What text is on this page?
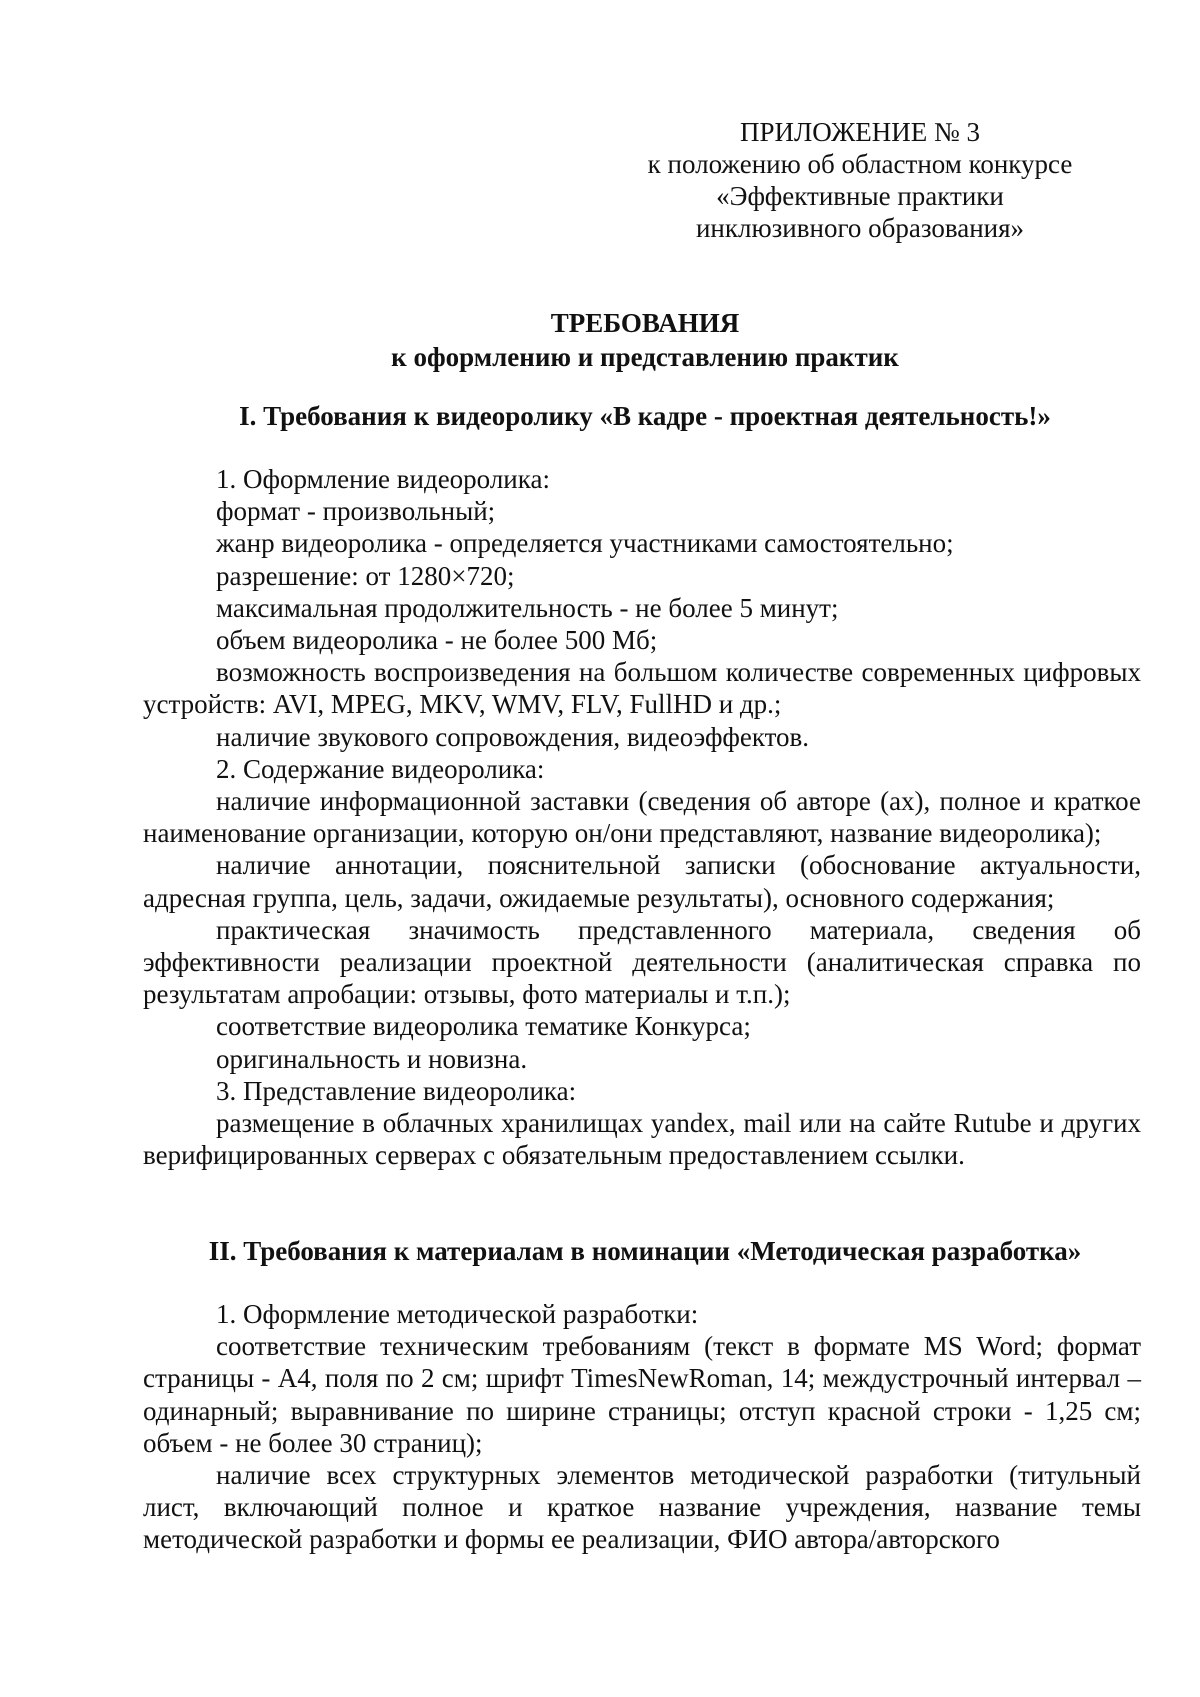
ПРИЛОЖЕНИЕ № 3
к положению об областном конкурсе
«Эффективные практики
инклюзивного образования»
ТРЕБОВАНИЯ
к оформлению и представлению практик
I. Требования к видеоролику «В кадре - проектная деятельность!»

1. Оформление видеоролика:

формат - произвольный;

жанр видеоролика - определяется участниками самостоятельно;

разрешение: от 1280×720;

максимальная продолжительность - не более 5 минут;

объем видеоролика - не более 500 Мб;

возможность воспроизведения на большом количестве современных цифровых устройств: AVI, MPEG, MKV, WMV, FLV, FullHD и др.;

наличие звукового сопровождения, видеоэффектов.

2. Содержание видеоролика:

наличие информационной заставки (сведения об авторе (ах), полное и краткое наименование организации, которую он/они представляют, название видеоролика);

наличие аннотации, пояснительной записки (обоснование актуальности, адресная группа, цель, задачи, ожидаемые результаты), основного содержания;

практическая значимость представленного материала, сведения об эффективности реализации проектной деятельности (аналитическая справка по результатам апробации: отзывы, фото материалы и т.п.);

соответствие видеоролика тематике Конкурса;

оригинальность и новизна.

3. Представление видеоролика:

размещение в облачных хранилищах yandex, mail или на сайте Rutube и других верифицированных серверах с обязательным предоставлением ссылки.

II. Требования к материалам в номинации «Методическая разработка»

1. Оформление методической разработки:

соответствие техническим требованиям (текст в формате MS Word; формат страницы - А4, поля по 2 см; шрифт TimesNewRoman, 14; междустрочный интервал – одинарный; выравнивание по ширине страницы; отступ красной строки - 1,25 см; объем - не более 30 страниц);

наличие всех структурных элементов методической разработки (титульный лист, включающий полное и краткое название учреждения, название темы методической разработки и формы ее реализации, ФИО автора/авторского
